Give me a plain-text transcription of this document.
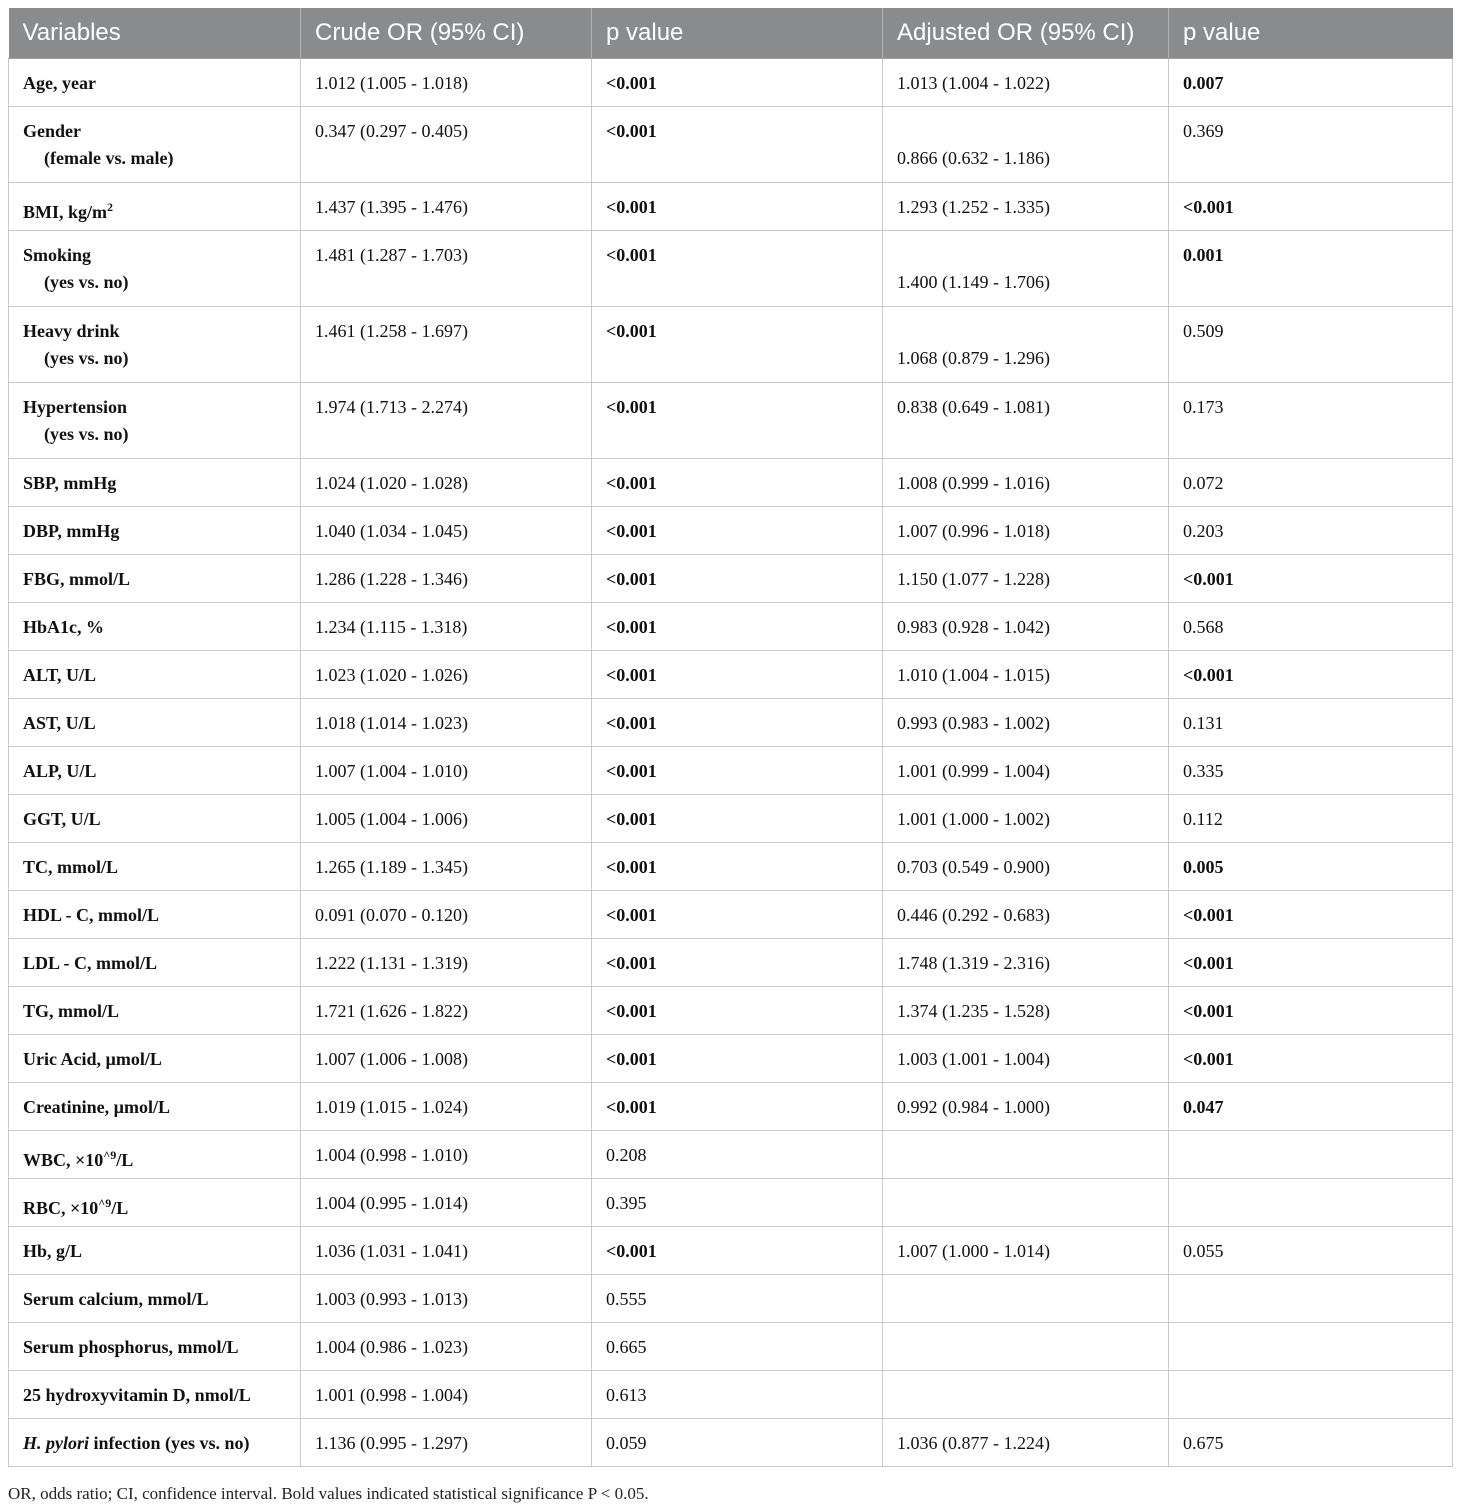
Variables	Crude OR (95% CI)	p value	Adjusted OR (95% CI)	p value
Age, year	1.012 (1.005 - 1.018)	<0.001	1.013 (1.004 - 1.022)	0.007
Gender
(female vs. male)	0.347 (0.297 - 0.405)	<0.001	0.866 (0.632 - 1.186)	0.369
BMI, $kg/m^2$	1.437 (1.395 - 1.476)	<0.001	1.293 (1.252 - 1.335)	<0.001
Smoking
(yes vs. no)	1.481 (1.287 - 1.703)	<0.001	1.400 (1.149 - 1.706)	0.001
Heavy drink
(yes vs. no)	1.461 (1.258 - 1.697)	<0.001	1.068 (0.879 - 1.296)	0.509
Hypertension
(yes vs. no)	1.974 (1.713 - 2.274)	<0.001	0.838 (0.649 - 1.081)	0.173
SBP, mmHg	1.024 (1.020 - 1.028)	<0.001	1.008 (0.999 - 1.016)	0.072
DBP, mmHg	1.040 (1.034 - 1.045)	<0.001	1.007 (0.996 - 1.018)	0.203
FBG, mmol/L	1.286 (1.228 - 1.346)	<0.001	1.150 (1.077 - 1.228)	<0.001
HbA1c, %	1.234 (1.115 - 1.318)	<0.001	0.983 (0.928 - 1.042)	0.568
ALT, U/L	1.023 (1.020 - 1.026)	<0.001	1.010 (1.004 - 1.015)	<0.001
AST, U/L	1.018 (1.014 - 1.023)	<0.001	0.993 (0.983 - 1.002)	0.131
ALP, U/L	1.007 (1.004 - 1.010)	<0.001	1.001 (0.999 - 1.004)	0.335
GGT, U/L	1.005 (1.004 - 1.006)	<0.001	1.001 (1.000 - 1.002)	0.112
TC, mmol/L	1.265 (1.189 - 1.345)	<0.001	0.703 (0.549 - 0.900)	0.005
HDL - C, mmol/L	0.091 (0.070 - 0.120)	<0.001	0.446 (0.292 - 0.683)	<0.001
LDL - C, mmol/L	1.222 (1.131 - 1.319)	<0.001	1.748 (1.319 - 2.316)	<0.001
TG, mmol/L	1.721 (1.626 - 1.822)	<0.001	1.374 (1.235 - 1.528)	<0.001
Uric Acid, µmol/L	1.007 (1.006 - 1.008)	<0.001	1.003 (1.001 - 1.004)	<0.001
Creatinine, µmol/L	1.019 (1.015 - 1.024)	<0.001	0.992 (0.984 - 1.000)	0.047
WBC, $\times 10^{\^{}9}/L$	1.004 (0.998 - 1.010)	0.208		
RBC, $\times 10^{\^{}9}/L$	1.004 (0.995 - 1.014)	0.395		
Hb, g/L	1.036 (1.031 - 1.041)	<0.001	1.007 (1.000 - 1.014)	0.055
Serum calcium, mmol/L	1.003 (0.993 - 1.013)	0.555		
Serum phosphorus, mmol/L	1.004 (0.986 - 1.023)	0.665		
25 hydroxyvitamin D, nmol/L	1.001 (0.998 - 1.004)	0.613		
H. pylori infection (yes vs. no)	1.136 (0.995 - 1.297)	0.059	1.036 (0.877 - 1.224)	0.675
OR, odds ratio; CI, confidence interval. Bold values indicated statistical significance P < 0.05.
